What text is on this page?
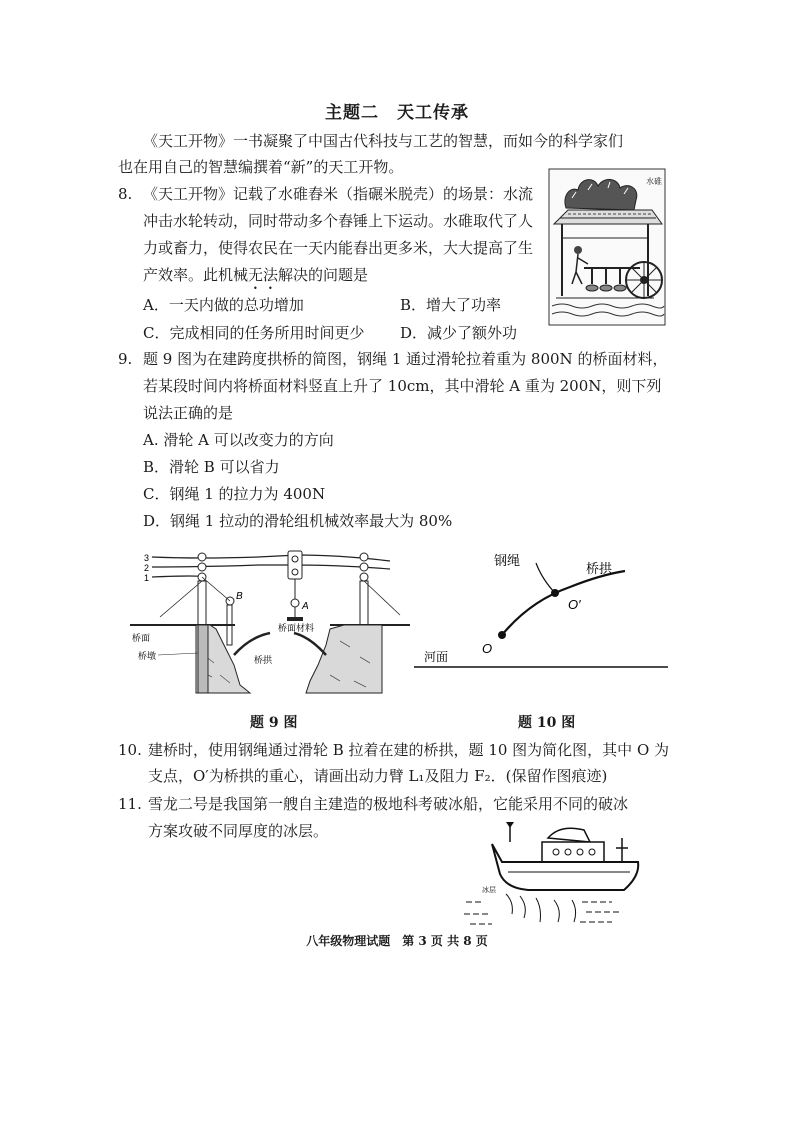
主题二　天工传承
《天工开物》一书凝聚了中国古代科技与工艺的智慧，而如今的科学家们
也在用自己的智慧编撰着“新”的天工开物。
8. 《天工开物》记载了水碓舂米（指碾米脱壳）的场景：水流
冲击水轮转动，同时带动多个舂锤上下运动。水碓取代了人
力或畜力，使得农民在一天内能舂出更多米，大大提高了生
产效率。此机械无法解决的问题是
A．一天内做的总功增加	B．增大了功率
C．完成相同的任务所用时间更少 D．减少了额外功
水碓
9. 题 9 图为在建跨度拱桥的简图，钢绳 1 通过滑轮拉着重为 800N 的桥面材料，
若某段时间内将桥面材料竖直上升了 10cm，其中滑轮 A 重为 200N，则下列
说法正确的是
A. 滑轮 A 可以改变力的方向
B．滑轮 B 可以省力
C．钢绳 1 的拉力为 400N
D．钢绳 1 拉动的滑轮组机械效率最大为 80%
3
2
1
B
A
桥面材料
桥面
桥墩	桥拱
题 9 图
钢绳
桥拱
O
O′
河面
题 10 图
10. 建桥时，使用钢绳通过滑轮 B 拉着在建的桥拱，题 10 图为简化图，其中 O 为
支点，O′为桥拱的重心，请画出动力臂 L₁及阻力 F₂．(保留作图痕迹)
11. 雪龙二号是我国第一艘自主建造的极地科考破冰船，它能采用不同的破冰
方案攻破不同厚度的冰层。
冰层
八年级物理试题　第 3 页 共 8 页
